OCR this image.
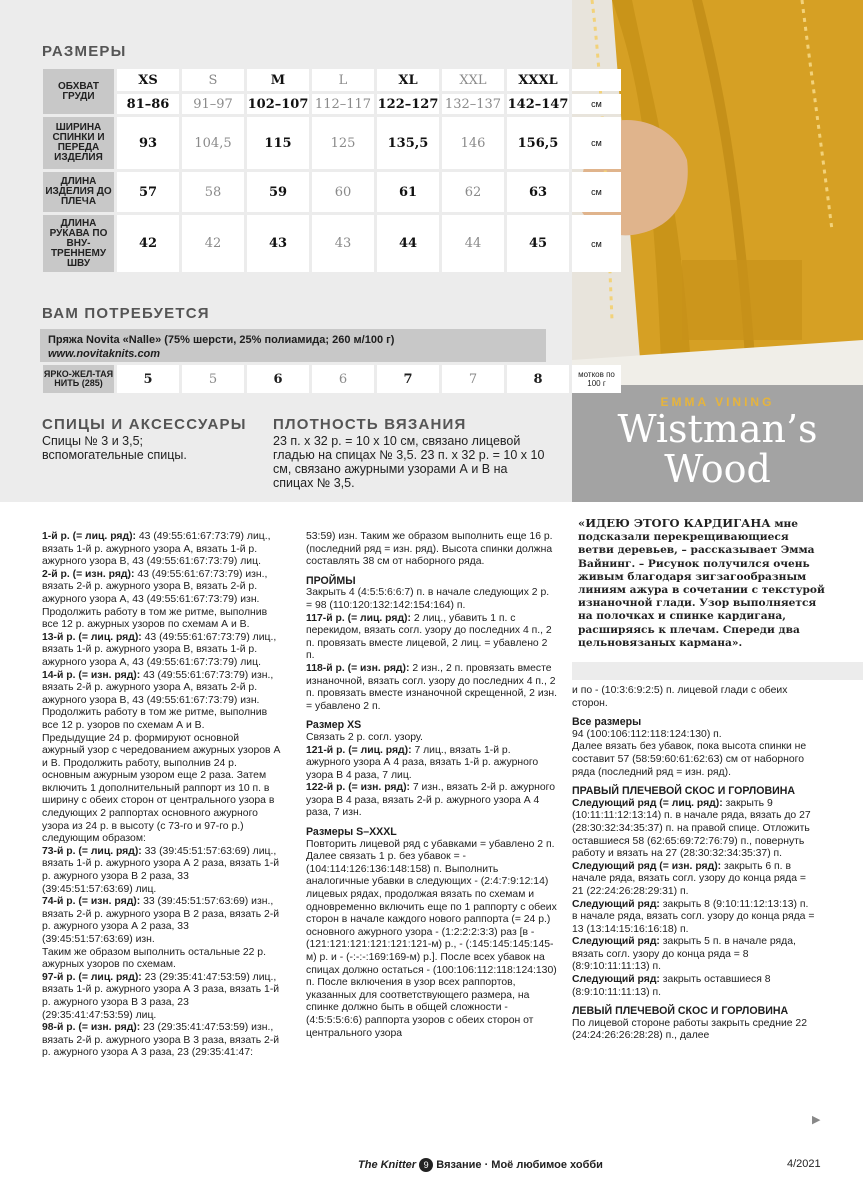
EMMA VINING
Wistman’s Wood
РАЗМЕРЫ
ОБХВАТ ГРУДИ	XS	S	M	L	XL	XXL	XXXL	
	81–86	91–97	102–107	112–117	122–127	132–137	142–147	см
ШИРИНА СПИНКИ И ПЕРЕДА ИЗДЕЛИЯ	93	104,5	115	125	135,5	146	156,5	см
ДЛИНА ИЗДЕЛИЯ ДО ПЛЕЧА	57	58	59	60	61	62	63	см
ДЛИНА РУКАВА ПО ВНУ-ТРЕННЕМУ ШВУ	42	42	43	43	44	44	45	см
ВАМ ПОТРЕБУЕТСЯ
Пряжа Novita «Nalle» (75% шерсти, 25% полиамида; 260 м/100 г)
www.novitaknits.com
ЯРКО-ЖЕЛ-ТАЯ НИТЬ (285)	5	5	6	6	7	7	8	мотков по 100 г
СПИЦЫ И АКСЕССУАРЫ
Спицы № 3 и 3,5; вспомогательные спицы.
ПЛОТНОСТЬ ВЯЗАНИЯ
23 п. х 32 р. = 10 х 10 см, связано лицевой гладью на спицах № 3,5. 23 п. х 32 р. = 10 х 10 см, связано ажурными узорами А и В на спицах № 3,5.

1-й р. (= лиц. ряд): 43 (49:55:61:67:73:79) лиц., вязать 1-й р. ажурного узора А, вязать 1-й р. ажурного узора В, 43 (49:55:61:67:73:79) лиц.

2-й р. (= изн. ряд): 43 (49:55:61:67:73:79) изн., вязать 2-й р. ажурного узора В, вязать 2-й р. ажурного узора А, 43 (49:55:61:67:73:79) изн.

Продолжить работу в том же ритме, выполнив все 12 р. ажурных узоров по схемам А и В.

13-й р. (= лиц. ряд): 43 (49:55:61:67:73:79) лиц., вязать 1-й р. ажурного узора В, вязать 1-й р. ажурного узора А, 43 (49:55:61:67:73:79) лиц.

14-й р. (= изн. ряд): 43 (49:55:61:67:73:79) изн., вязать 2-й р. ажурного узора А, вязать 2-й р. ажурного узора В, 43 (49:55:61:67:73:79) изн.

Продолжить работу в том же ритме, выполнив все 12 р. узоров по схемам А и В.

Предыдущие 24 р. формируют основной ажурный узор с чередованием ажурных узоров А и В. Продолжить работу, выполнив 24 р. основным ажурным узором еще 2 раза. Затем включить 1 дополнительный раппорт из 10 п. в ширину с обеих сторон от центрального узора в следующих 2 раппортах основного ажурного узора из 24 р. в высоту (с 73-го и 97-го р.) следующим образом:

73-й р. (= лиц. ряд): 33 (39:45:51:57:63:69) лиц., вязать 1-й р. ажурного узора А 2 раза, вязать 1-й р. ажурного узора В 2 раза, 33 (39:45:51:57:63:69) лиц.

74-й р. (= изн. ряд): 33 (39:45:51:57:63:69) изн., вязать 2-й р. ажурного узора В 2 раза, вязать 2-й р. ажурного узора А 2 раза, 33 (39:45:51:57:63:69) изн.

Таким же образом выполнить остальные 22 р. ажурных узоров по схемам.

97-й р. (= лиц. ряд): 23 (29:35:41:47:53:59) лиц., вязать 1-й р. ажурного узора А 3 раза, вязать 1-й р. ажурного узора В 3 раза, 23 (29:35:41:47:53:59) лиц.

98-й р. (= изн. ряд): 23 (29:35:41:47:53:59) изн., вязать 2-й р. ажурного узора В 3 раза, вязать 2-й р. ажурного узора А 3 раза, 23 (29:35:41:47:

53:59) изн. Таким же образом выполнить еще 16 р. (последний ряд = изн. ряд). Высота спинки должна составлять 38 см от наборного ряда.

ПРОЙМЫ

Закрыть 4 (4:5:5:6:6:7) п. в начале следующих 2 р. = 98 (110:120:132:142:154:164) п.

117-й р. (= лиц. ряд): 2 лиц., убавить 1 п. с перекидом, вязать согл. узору до последних 4 п., 2 п. провязать вместе лицевой, 2 лиц. = убавлено 2 п.

118-й р. (= изн. ряд): 2 изн., 2 п. провязать вместе изнаночной, вязать согл. узору до последних 4 п., 2 п. провязать вместе изнаночной скрещенной, 2 изн. = убавлено 2 п.

Размер XS

Связать 2 р. согл. узору.

121-й р. (= лиц. ряд): 7 лиц., вязать 1-й р. ажурного узора А 4 раза, вязать 1-й р. ажурного узора В 4 раза, 7 лиц.

122-й р. (= изн. ряд): 7 изн., вязать 2-й р. ажурного узора В 4 раза, вязать 2-й р. ажурного узора А 4 раза, 7 изн.

Размеры S–XXXL

Повторить лицевой ряд с убавками = убавлено 2 п. Далее связать 1 р. без убавок = - (104:114:126:136:148:158) п. Выполнить аналогичные убавки в следующих - (2:4:7:9:12:14) лицевых рядах, продолжая вязать по схемам и одновременно включить еще по 1 раппорту с обеих сторон в начале каждого нового раппорта (= 24 р.) основного ажурного узора - (1:2:2:2:3:3) раз [в - (121:121:121:121:121:121-м) р., - (:145:145:145:145-м) р. и - (-:-:-:169:169-м) р.]. После всех убавок на спицах должно остаться - (100:106:112:118:124:130) п. После включения в узор всех раппортов, указанных для соответствующего размера, на спинке должно быть в общей сложности - (4:5:5:5:6:6) раппорта узоров с обеих сторон от центрального узора

«ИДЕЮ ЭТОГО КАРДИГАНА мне подсказали перекрещивающиеся ветви деревьев, – рассказывает Эмма Вайнинг. – Рисунок получился очень живым благодаря зигзагообразным линиям ажура в сочетании с текстурой изнаночной глади. Узор выполняется на полочках и спинке кардигана, расширяясь к плечам. Спереди два цельновязаных кармана».

и по - (10:3:6:9:2:5) п. лицевой глади с обеих сторон.

Все размеры

94 (100:106:112:118:124:130) п.

Далее вязать без убавок, пока высота спинки не составит 57 (58:59:60:61:62:63) см от наборного ряда (последний ряд = изн. ряд).

ПРАВЫЙ ПЛЕЧЕВОЙ СКОС И ГОРЛОВИНА

Следующий ряд (= лиц. ряд): закрыть 9 (10:11:11:12:13:14) п. в начале ряда, вязать до 27 (28:30:32:34:35:37) п. на правой спице. Отложить оставшиеся 58 (62:65:69:72:76:79) п., повернуть работу и вязать на 27 (28:30:32:34:35:37) п.

Следующий ряд (= изн. ряд): закрыть 6 п. в начале ряда, вязать согл. узору до конца ряда = 21 (22:24:26:28:29:31) п.

Следующий ряд: закрыть 8 (9:10:11:12:13:13) п. в начале ряда, вязать согл. узору до конца ряда = 13 (13:14:15:16:16:18) п.

Следующий ряд: закрыть 5 п. в начале ряда, вязать согл. узору до конца ряда = 8 (8:9:10:11:11:13) п.

Следующий ряд: закрыть оставшиеся 8 (8:9:10:11:11:13) п.

ЛЕВЫЙ ПЛЕЧЕВОЙ СКОС И ГОРЛОВИНА

По лицевой стороне работы закрыть средние 22 (24:24:26:26:28:28) п., далее

▶
The Knitter 9 Вязание · Моё любимое хобби	4/2021
